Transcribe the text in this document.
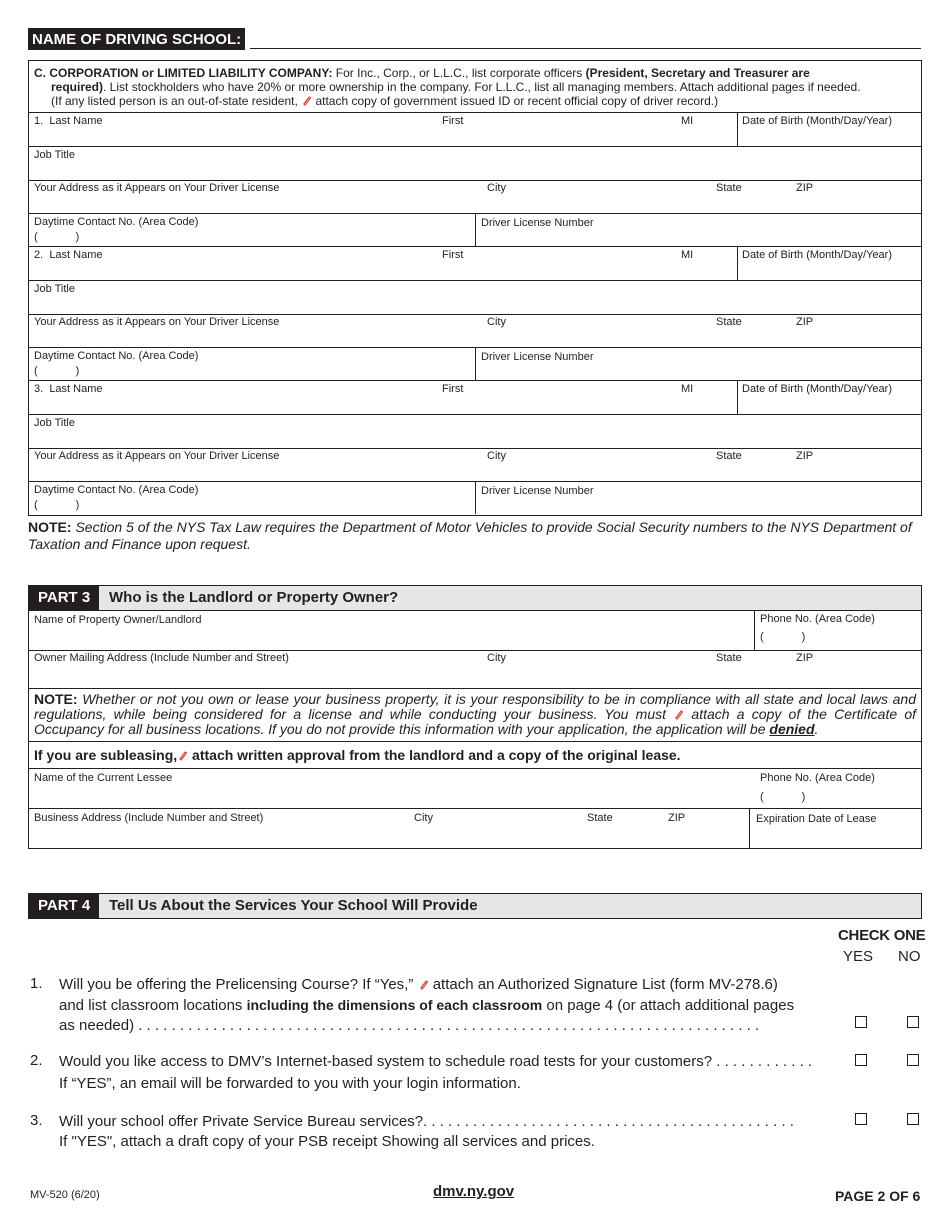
NAME OF DRIVING SCHOOL:
C. CORPORATION or LIMITED LIABILITY COMPANY: For Inc., Corp., or L.L.C., list corporate officers (President, Secretary and Treasurer are
required). List stockholders who have 20% or more ownership in the company. For L.L.C., list all managing members. Attach additional pages if needed.
(If any listed person is an out-of-state resident,
attach copy of government issued ID or recent official copy of driver record.)
1. Last Name	First	MI	Date of Birth (Month/Day/Year)
Job Title
Your Address as it Appears on Your Driver License	City	State	ZIP
Daytime Contact No. (Area Code)
(	)
Driver License Number
2. Last Name	First	MI	Date of Birth (Month/Day/Year)
Job Title
Your Address as it Appears on Your Driver License	City	State	ZIP
Daytime Contact No. (Area Code)
(	)
Driver License Number
3. Last Name	First	MI	Date of Birth (Month/Day/Year)
Job Title
Your Address as it Appears on Your Driver License	City	State	ZIP
Daytime Contact No. (Area Code)
(	)
Driver License Number
NOTE: Section 5 of the NYS Tax Law requires the Department of Motor Vehicles to provide Social Security numbers to the NYS Department of Taxation and Finance upon request.
PART 3	Who is the Landlord or Property Owner?
Name of Property Owner/Landlord	Phone No. (Area Code)
(	)
Owner Mailing Address (Include Number and Street)	City	State	ZIP
NOTE: Whether or not you own or lease your business property, it is your responsibility to be in compliance with all state and local laws and regulations, while being considered for a license and while conducting your business. You must
attach a copy of the Certificate of Occupancy for all business locations. If you do not provide this information with your application, the application will be denied.
If you are subleasing,
attach written approval from the landlord and a copy of the original lease.
Name of the Current Lessee	Phone No. (Area Code)
(	)
Business Address (Include Number and Street)	City	State	ZIP	Expiration Date of Lease
PART 4	Tell Us About the Services Your School Will Provide
CHECK ONE
YES NO
1. Will you be offering the Prelicensing Course? If “Yes,”
attach an Authorized Signature List (form MV-278.6)
and list classroom locations including the dimensions of each classroom on page 4 (or attach additional pages
as needed) . . . . . . . . . . . . . . . . . . . . . . . . . . . . . . . . . . . . . . . . . . . . . . . . . . . . . . . . . . . . . . . . . . . . . . . . . . .
2. Would you like access to DMV’s Internet-based system to schedule road tests for your customers? . . . . . . . . . . . .
If “YES”, an email will be forwarded to you with your login information.
3. Will your school offer Private Service Bureau services?. . . . . . . . . . . . . . . . . . . . . . . . . . . . . . . . . . . . . . . . . . . . .
If "YES", attach a draft copy of your PSB receipt Showing all services and prices.
MV-520 (6/20)	dmv.ny.gov	PAGE 2 OF 6
